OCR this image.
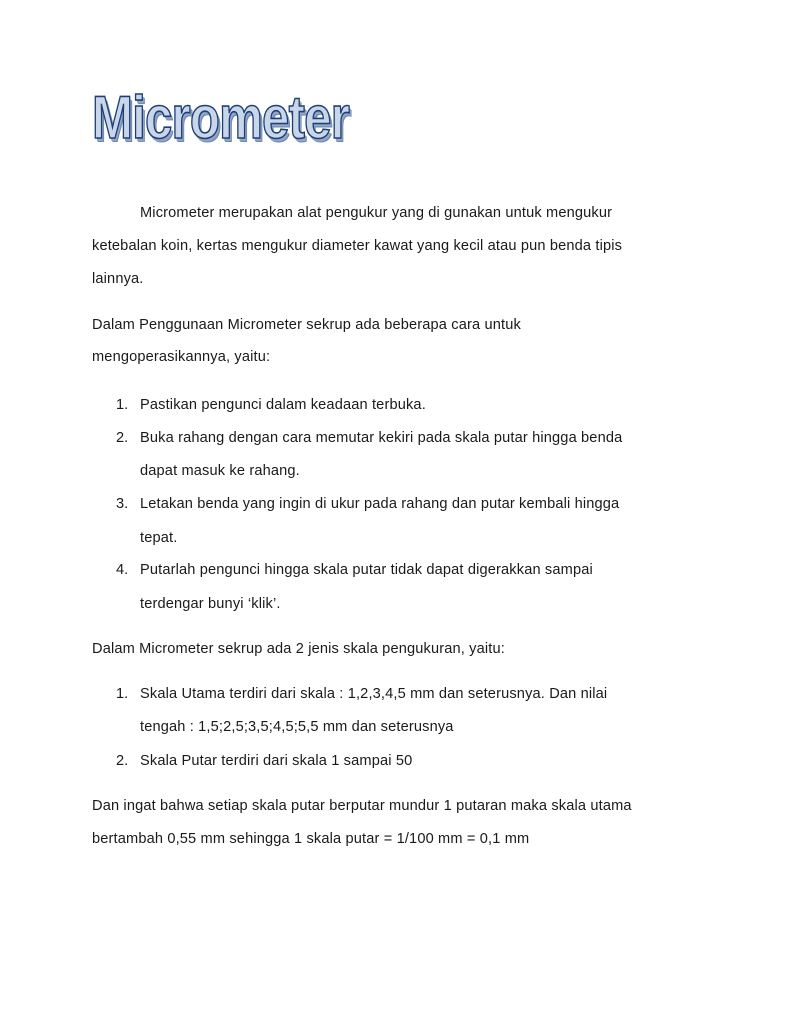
Micrometer
Micrometer merupakan alat pengukur yang di gunakan untuk mengukur
ketebalan koin, kertas mengukur diameter kawat yang kecil atau pun benda tipis
lainnya.
Dalam Penggunaan Micrometer sekrup ada beberapa cara untuk
mengoperasikannya, yaitu:
1. Pastikan pengunci dalam keadaan terbuka.
2. Buka rahang dengan cara memutar kekiri pada skala putar hingga benda
dapat masuk ke rahang.
3. Letakan benda yang ingin di ukur pada rahang dan putar kembali hingga
tepat.
4. Putarlah pengunci hingga skala putar tidak dapat digerakkan sampai
terdengar bunyi ‘klik’.
Dalam Micrometer sekrup ada 2 jenis skala pengukuran, yaitu:
1. Skala Utama terdiri dari skala : 1,2,3,4,5 mm dan seterusnya. Dan nilai
tengah : 1,5;2,5;3,5;4,5;5,5 mm dan seterusnya
2. Skala Putar terdiri dari skala 1 sampai 50
Dan ingat bahwa setiap skala putar berputar mundur 1 putaran maka skala utama
bertambah 0,55 mm sehingga 1 skala putar = 1/100 mm = 0,1 mm
